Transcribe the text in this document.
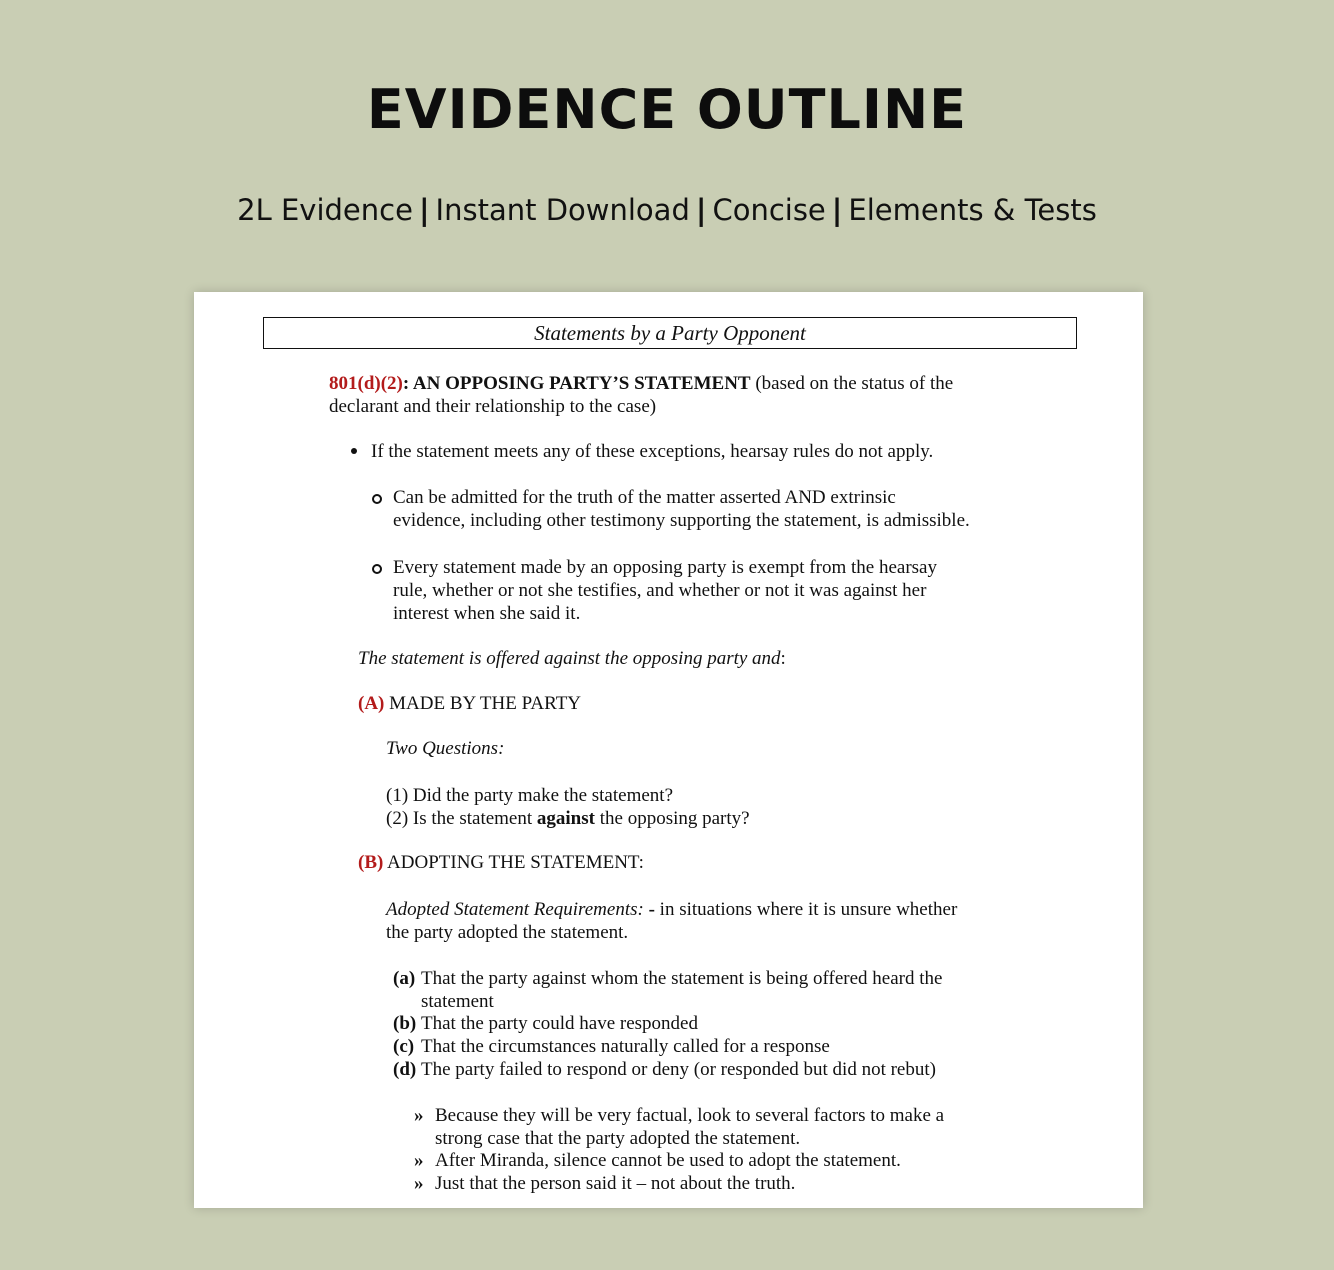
EVIDENCE OUTLINE
2L Evidence | Instant Download | Concise | Elements & Tests
Statements by a Party Opponent
801(d)(2): AN OPPOSING PARTY’S STATEMENT (based on the status of the
declarant and their relationship to the case)
If the statement meets any of these exceptions, hearsay rules do not apply.
Can be admitted for the truth of the matter asserted AND extrinsic
evidence, including other testimony supporting the statement, is admissible.
Every statement made by an opposing party is exempt from the hearsay
rule, whether or not she testifies, and whether or not it was against her
interest when she said it.
The statement is offered against the opposing party and:
(A) MADE BY THE PARTY
Two Questions:
(1) Did the party make the statement?
(2) Is the statement against the opposing party?
(B) ADOPTING THE STATEMENT:
Adopted Statement Requirements: - in situations where it is unsure whether
the party adopted the statement.
(a) That the party against whom the statement is being offered heard the
statement
(b) That the party could have responded
(c) That the circumstances naturally called for a response
(d) The party failed to respond or deny (or responded but did not rebut)
» Because they will be very factual, look to several factors to make a
strong case that the party adopted the statement.
» After Miranda, silence cannot be used to adopt the statement.
» Just that the person said it – not about the truth.
